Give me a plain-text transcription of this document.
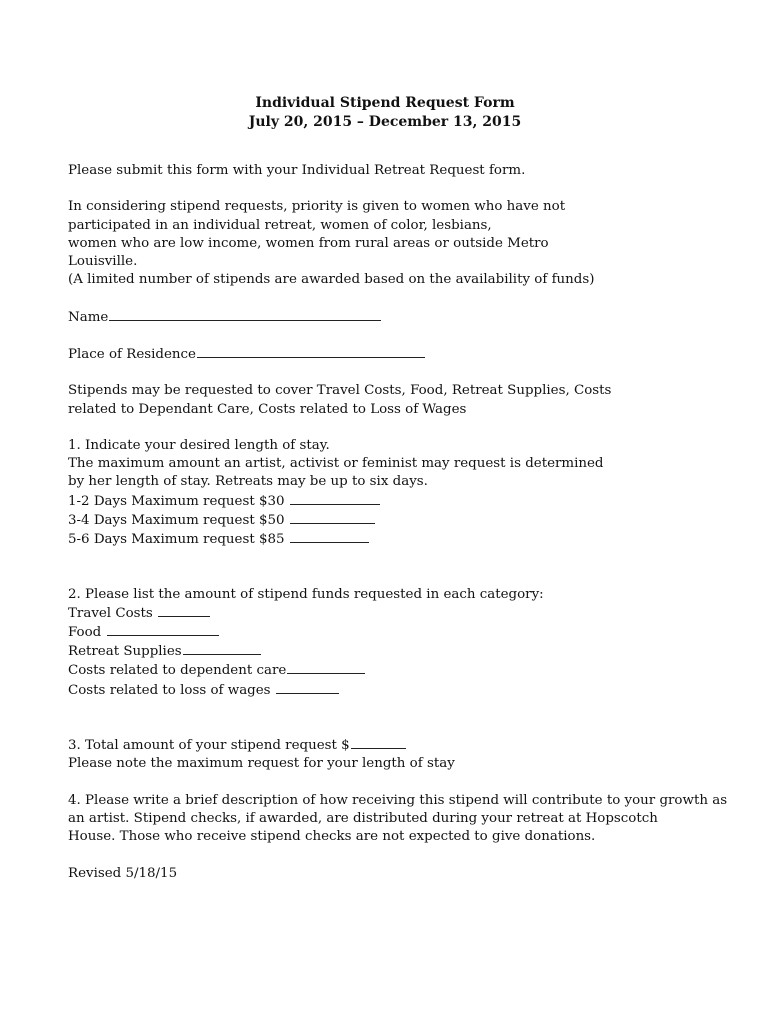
Individual Stipend Request Form
July 20, 2015 – December 13, 2015
Please submit this form with your Individual Retreat Request form.
In considering stipend requests, priority is given to women who have not
participated in an individual retreat, women of color, lesbians,
women who are low income, women from rural areas or outside Metro
Louisville.
(A limited number of stipends are awarded based on the availability of funds)
Name
Place of Residence
Stipends may be requested to cover Travel Costs, Food, Retreat Supplies, Costs
related to Dependant Care, Costs related to Loss of Wages
1. Indicate your desired length of stay.
The maximum amount an artist, activist or feminist may request is determined
by her length of stay. Retreats may be up to six days.
1-2 Days Maximum request $30
3-4 Days Maximum request $50
5-6 Days Maximum request $85
2. Please list the amount of stipend funds requested in each category:
Travel Costs
Food
Retreat Supplies
Costs related to dependent care
Costs related to loss of wages
3. Total amount of your stipend request $
Please note the maximum request for your length of stay
4. Please write a brief description of how receiving this stipend will contribute to your growth as
an artist. Stipend checks, if awarded, are distributed during your retreat at Hopscotch
House. Those who receive stipend checks are not expected to give donations.
Revised 5/18/15
